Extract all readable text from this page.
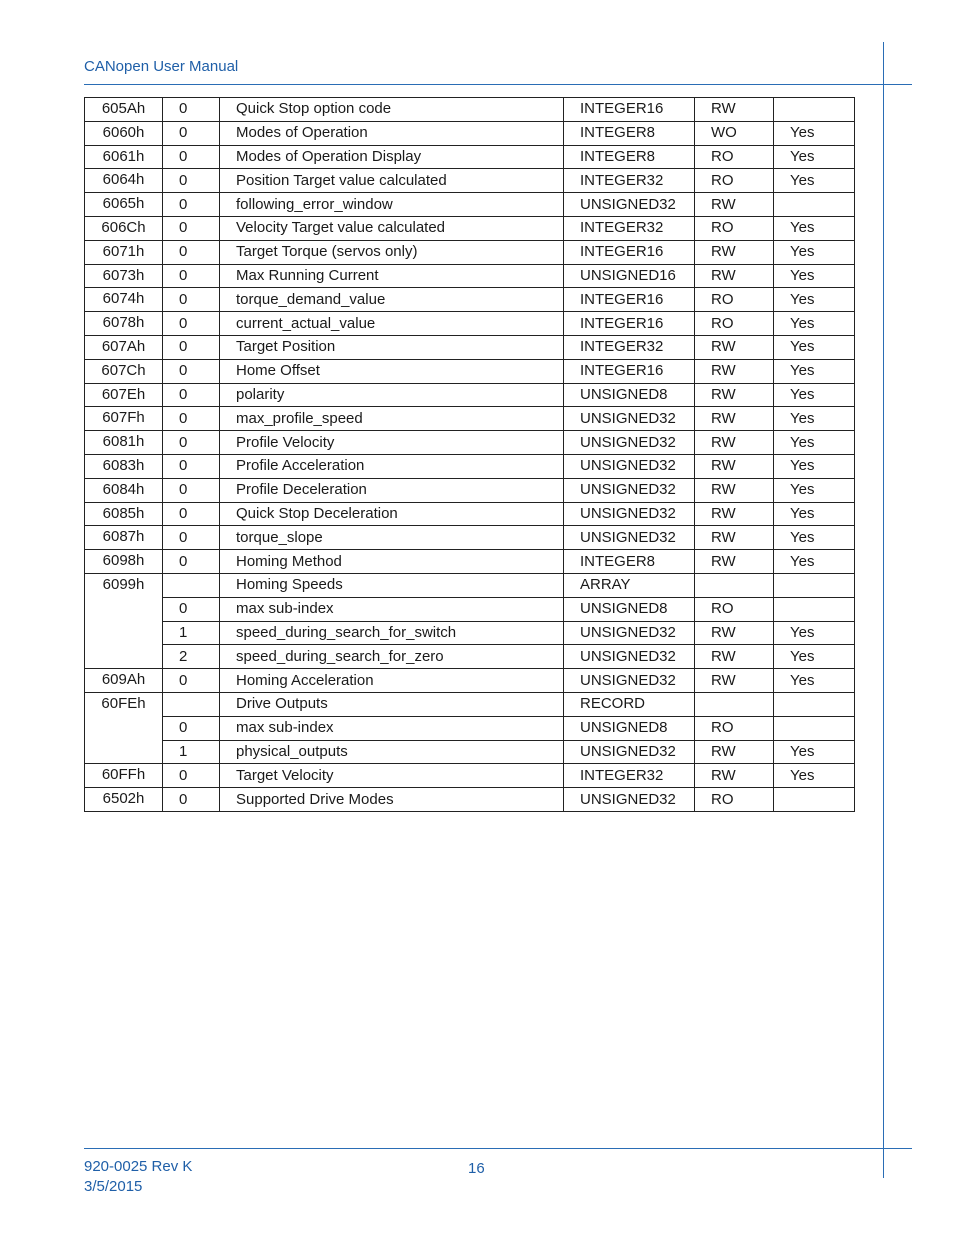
CANopen User Manual
605Ah	0	Quick Stop option code	INTEGER16	RW	
6060h	0	Modes of Operation	INTEGER8	WO	Yes
6061h	0	Modes of Operation Display	INTEGER8	RO	Yes
6064h	0	Position Target value calculated	INTEGER32	RO	Yes
6065h	0	following_error_window	UNSIGNED32	RW	
606Ch	0	Velocity Target value calculated	INTEGER32	RO	Yes
6071h	0	Target Torque (servos only)	INTEGER16	RW	Yes
6073h	0	Max Running Current	UNSIGNED16	RW	Yes
6074h	0	torque_demand_value	INTEGER16	RO	Yes
6078h	0	current_actual_value	INTEGER16	RO	Yes
607Ah	0	Target Position	INTEGER32	RW	Yes
607Ch	0	Home Offset	INTEGER16	RW	Yes
607Eh	0	polarity	UNSIGNED8	RW	Yes
607Fh	0	max_profile_speed	UNSIGNED32	RW	Yes
6081h	0	Profile Velocity	UNSIGNED32	RW	Yes
6083h	0	Profile Acceleration	UNSIGNED32	RW	Yes
6084h	0	Profile Deceleration	UNSIGNED32	RW	Yes
6085h	0	Quick Stop Deceleration	UNSIGNED32	RW	Yes
6087h	0	torque_slope	UNSIGNED32	RW	Yes
6098h	0	Homing Method	INTEGER8	RW	Yes
6099h		Homing Speeds	ARRAY		
	0	max sub-index	UNSIGNED8	RO	
	1	speed_during_search_for_switch	UNSIGNED32	RW	Yes
	2	speed_during_search_for_zero	UNSIGNED32	RW	Yes
609Ah	0	Homing Acceleration	UNSIGNED32	RW	Yes
60FEh		Drive Outputs	RECORD		
	0	max sub-index	UNSIGNED8	RO	
	1	physical_outputs	UNSIGNED32	RW	Yes
60FFh	0	Target Velocity	INTEGER32	RW	Yes
6502h	0	Supported Drive Modes	UNSIGNED32	RO	
920-0025 Rev K
3/5/2015
16
